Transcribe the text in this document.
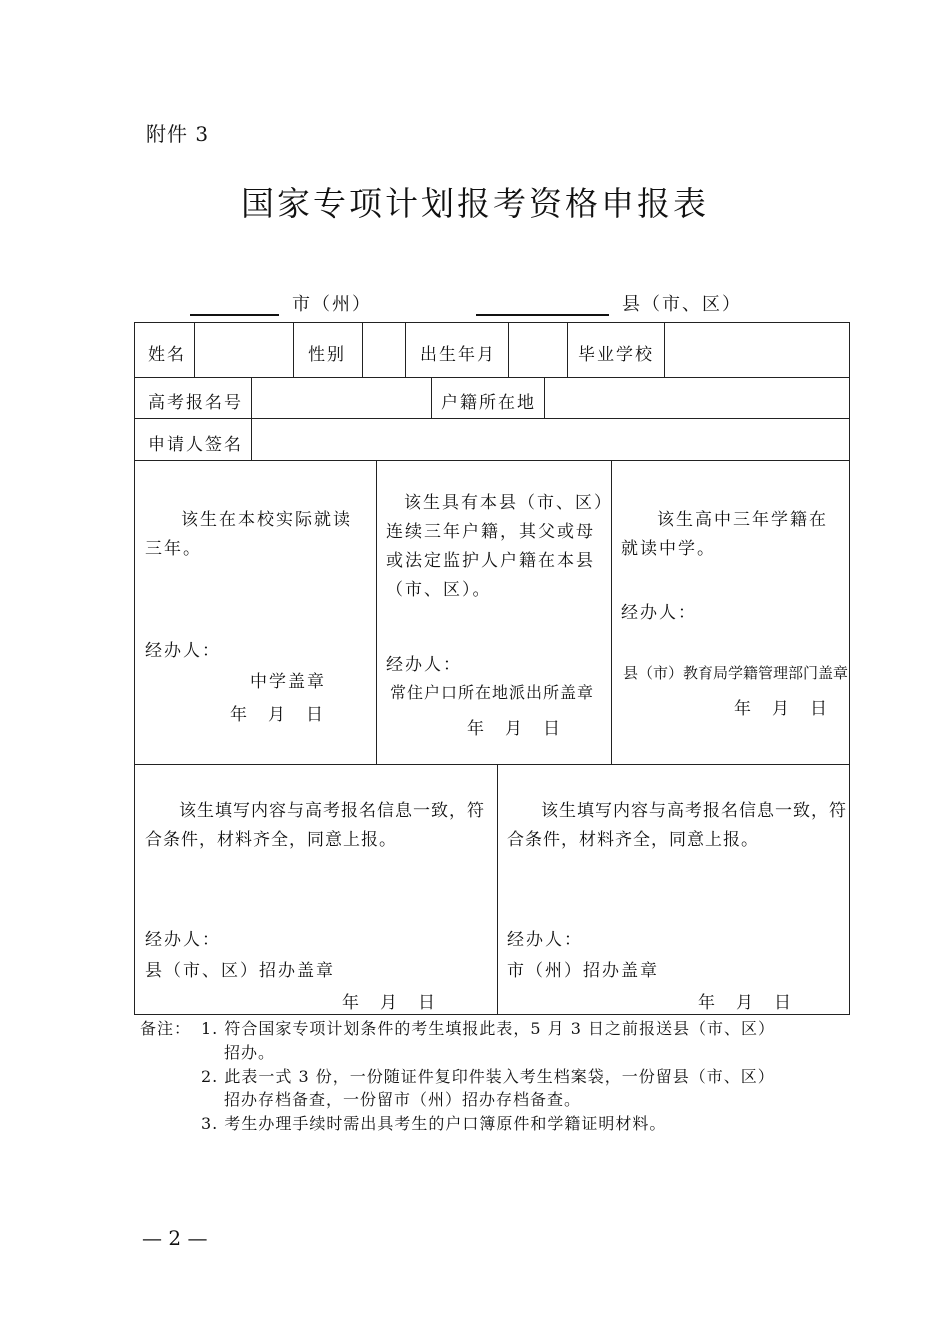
附件 3
国家专项计划报考资格申报表
市（州）	县（市、区）
姓名	性别	出生年月	毕业学校
高考报名号	户籍所在地
申请人签名
该生在本校实际就读
三年。
经办人：
中学盖章
年　月　日
该生具有本县（市、区）
连续三年户籍，其父或母
或法定监护人户籍在本县
（市、区）。
经办人：
常住户口所在地派出所盖章
年　月　日
该生高中三年学籍在
就读中学。
经办人：
县（市）教育局学籍管理部门盖章
年　月　日
该生填写内容与高考报名信息一致，符
合条件，材料齐全，同意上报。
经办人：
县（市、区）招办盖章
年　月　日
该生填写内容与高考报名信息一致，符
合条件，材料齐全，同意上报。
经办人：
市（州）招办盖章
年　月　日
备注： 1. 符合国家专项计划条件的考生填报此表，5 月 3 日之前报送县（市、区）
招办。
2. 此表一式 3 份，一份随证件复印件装入考生档案袋，一份留县（市、区）
招办存档备查，一份留市（州）招办存档备查。
3. 考生办理手续时需出具考生的户口簿原件和学籍证明材料。
— 2 —
